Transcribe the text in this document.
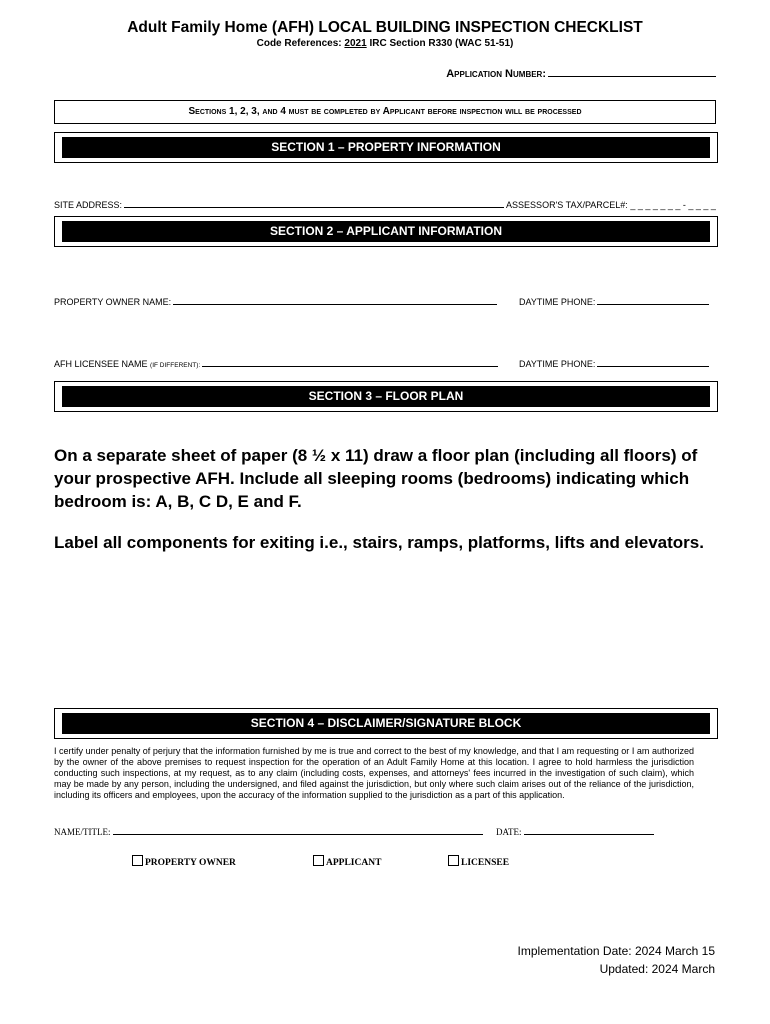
Adult Family Home (AFH) LOCAL BUILDING INSPECTION CHECKLIST
Code References: 2021 IRC Section R330 (WAC 51-51)
Application Number:
Sections 1, 2, 3, and 4 must be completed by Applicant before inspection will be processed
SECTION 1 – PROPERTY INFORMATION
SITE ADDRESS:	ASSESSOR'S TAX/PARCEL#: _ _ _ _ _ _ _ - _ _ _ _
SECTION 2 – APPLICANT INFORMATION
PROPERTY OWNER NAME:	DAYTIME PHONE:
AFH LICENSEE NAME (IF DIFFERENT):	DAYTIME PHONE:
SECTION 3 – FLOOR PLAN
On a separate sheet of paper (8 ½ x 11) draw a floor plan (including all floors) of your prospective AFH. Include all sleeping rooms (bedrooms) indicating which bedroom is: A, B, C D, E and F.
Label all components for exiting i.e., stairs, ramps, platforms, lifts and elevators.
SECTION 4 – DISCLAIMER/SIGNATURE BLOCK
I certify under penalty of perjury that the information furnished by me is true and correct to the best of my knowledge, and that I am requesting or I am authorized by the owner of the above premises to request inspection for the operation of an Adult Family Home at this location. I agree to hold harmless the jurisdiction conducting such inspections, at my request, as to any claim (including costs, expenses, and attorneys' fees incurred in the investigation of such claim), which may be made by any person, including the undersigned, and filed against the jurisdiction, but only where such claim arises out of the reliance of the jurisdiction, including its officers and employees, upon the accuracy of the information supplied to the jurisdiction as a part of this application.
NAME/TITLE:	DATE:
PROPERTY OWNER	APPLICANT	LICENSEE
Implementation Date: 2024 March 15
Updated: 2024 March
